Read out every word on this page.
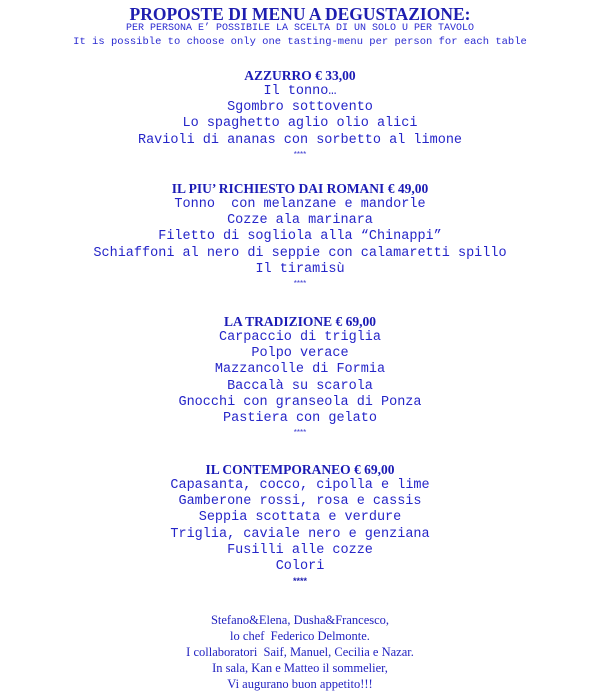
PROPOSTE DI MENU A DEGUSTAZIONE:
PER PERSONA E’ POSSIBILE LA SCELTA DI UN SOLO U PER TAVOLO
It is possible to choose only one tasting-menu per person for each table
AZZURRO € 33,00
Il tonno…
Sgombro sottovento
Lo spaghetto aglio olio alici
Ravioli di ananas con sorbetto al limone
****
IL PIU’ RICHIESTO DAI ROMANI € 49,00
Tonno  con melanzane e mandorle
Cozze ala marinara
Filetto di sogliola alla “Chinappi”
Schiaffoni al nero di seppie con calamaretti spillo
Il tiramisù
****
LA TRADIZIONE € 69,00
Carpaccio di triglia
Polpo verace
Mazzancolle di Formia
Baccalà su scarola
Gnocchi con granseola di Ponza
Pastiera con gelato
****
IL CONTEMPORANEO € 69,00
Capasanta, cocco, cipolla e lime
Gamberone rossi, rosa e cassis
Seppia scottata e verdure
Triglia, caviale nero e genziana
Fusilli alle cozze
Colori
****
Stefano&Elena, Dusha&Francesco,
lo chef  Federico Delmonte.
I collaboratori  Saif, Manuel, Cecilia e Nazar.
In sala, Kan e Matteo il sommelier,
Vi augurano buon appetito!!!
